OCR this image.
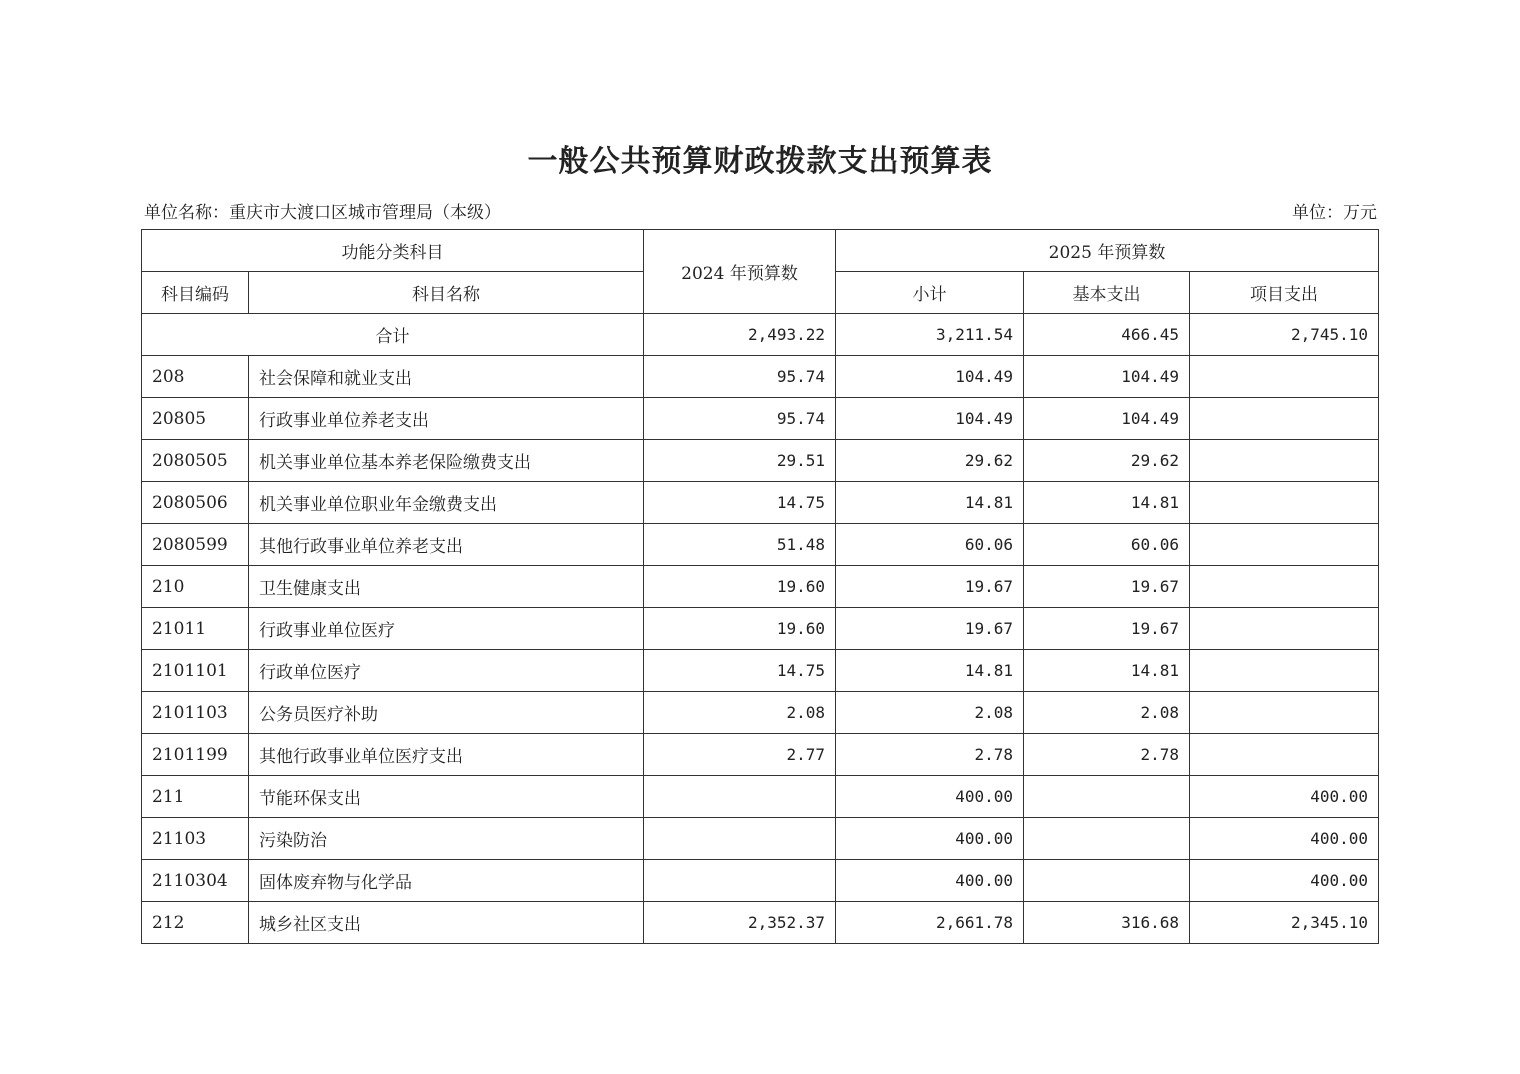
一般公共预算财政拨款支出预算表
单位名称：重庆市大渡口区城市管理局（本级）	单位：万元
功能分类科目		2024 年预算数	2025 年预算数		
科目编码	科目名称		小计	基本支出	项目支出
合计		2,493.22	3,211.54	466.45	2,745.10
208	社会保障和就业支出	95.74	104.49	104.49	
20805	行政事业单位养老支出	95.74	104.49	104.49	
2080505	机关事业单位基本养老保险缴费支出	29.51	29.62	29.62	
2080506	机关事业单位职业年金缴费支出	14.75	14.81	14.81	
2080599	其他行政事业单位养老支出	51.48	60.06	60.06	
210	卫生健康支出	19.60	19.67	19.67	
21011	行政事业单位医疗	19.60	19.67	19.67	
2101101	行政单位医疗	14.75	14.81	14.81	
2101103	公务员医疗补助	2.08	2.08	2.08	
2101199	其他行政事业单位医疗支出	2.77	2.78	2.78	
211	节能环保支出		400.00		400.00
21103	污染防治		400.00		400.00
2110304	固体废弃物与化学品		400.00		400.00
212	城乡社区支出	2,352.37	2,661.78	316.68	2,345.10
